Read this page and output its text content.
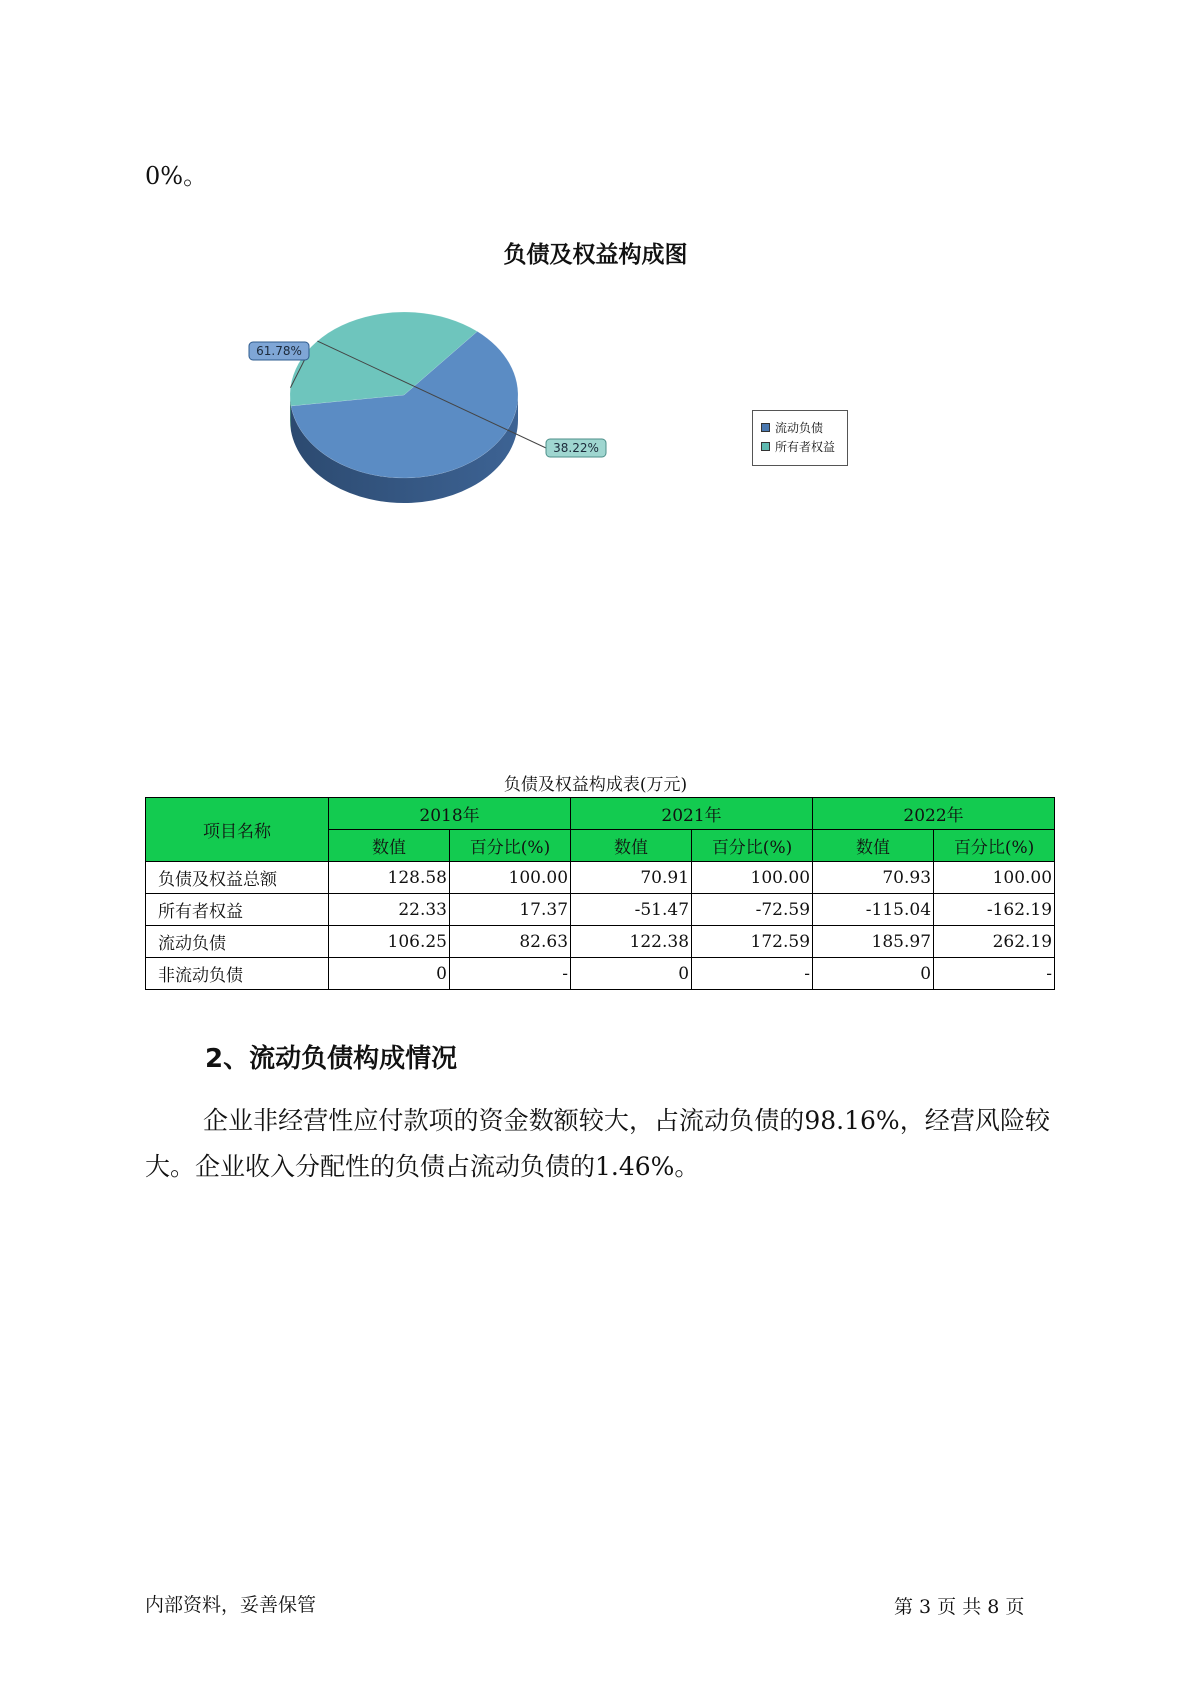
0%。
负债及权益构成图
61.78%
38.22%
流动负债
所有者权益
负债及权益构成表(万元)
项目名称	2018年		2021年		2022年	
	数值	百分比(%)	数值	百分比(%)	数值	百分比(%)
负债及权益总额	128.58	100.00	70.91	100.00	70.93	100.00
所有者权益	22.33	17.37	-51.47	-72.59	-115.04	-162.19
流动负债	106.25	82.63	122.38	172.59	185.97	262.19
非流动负债	0	-	0	-	0	-
2、流动负债构成情况
企业非经营性应付款项的资金数额较大，占流动负债的98.16%，经营风险较大。企业收入分配性的负债占流动负债的1.46%。
内部资料，妥善保管	第 3 页 共 8 页
